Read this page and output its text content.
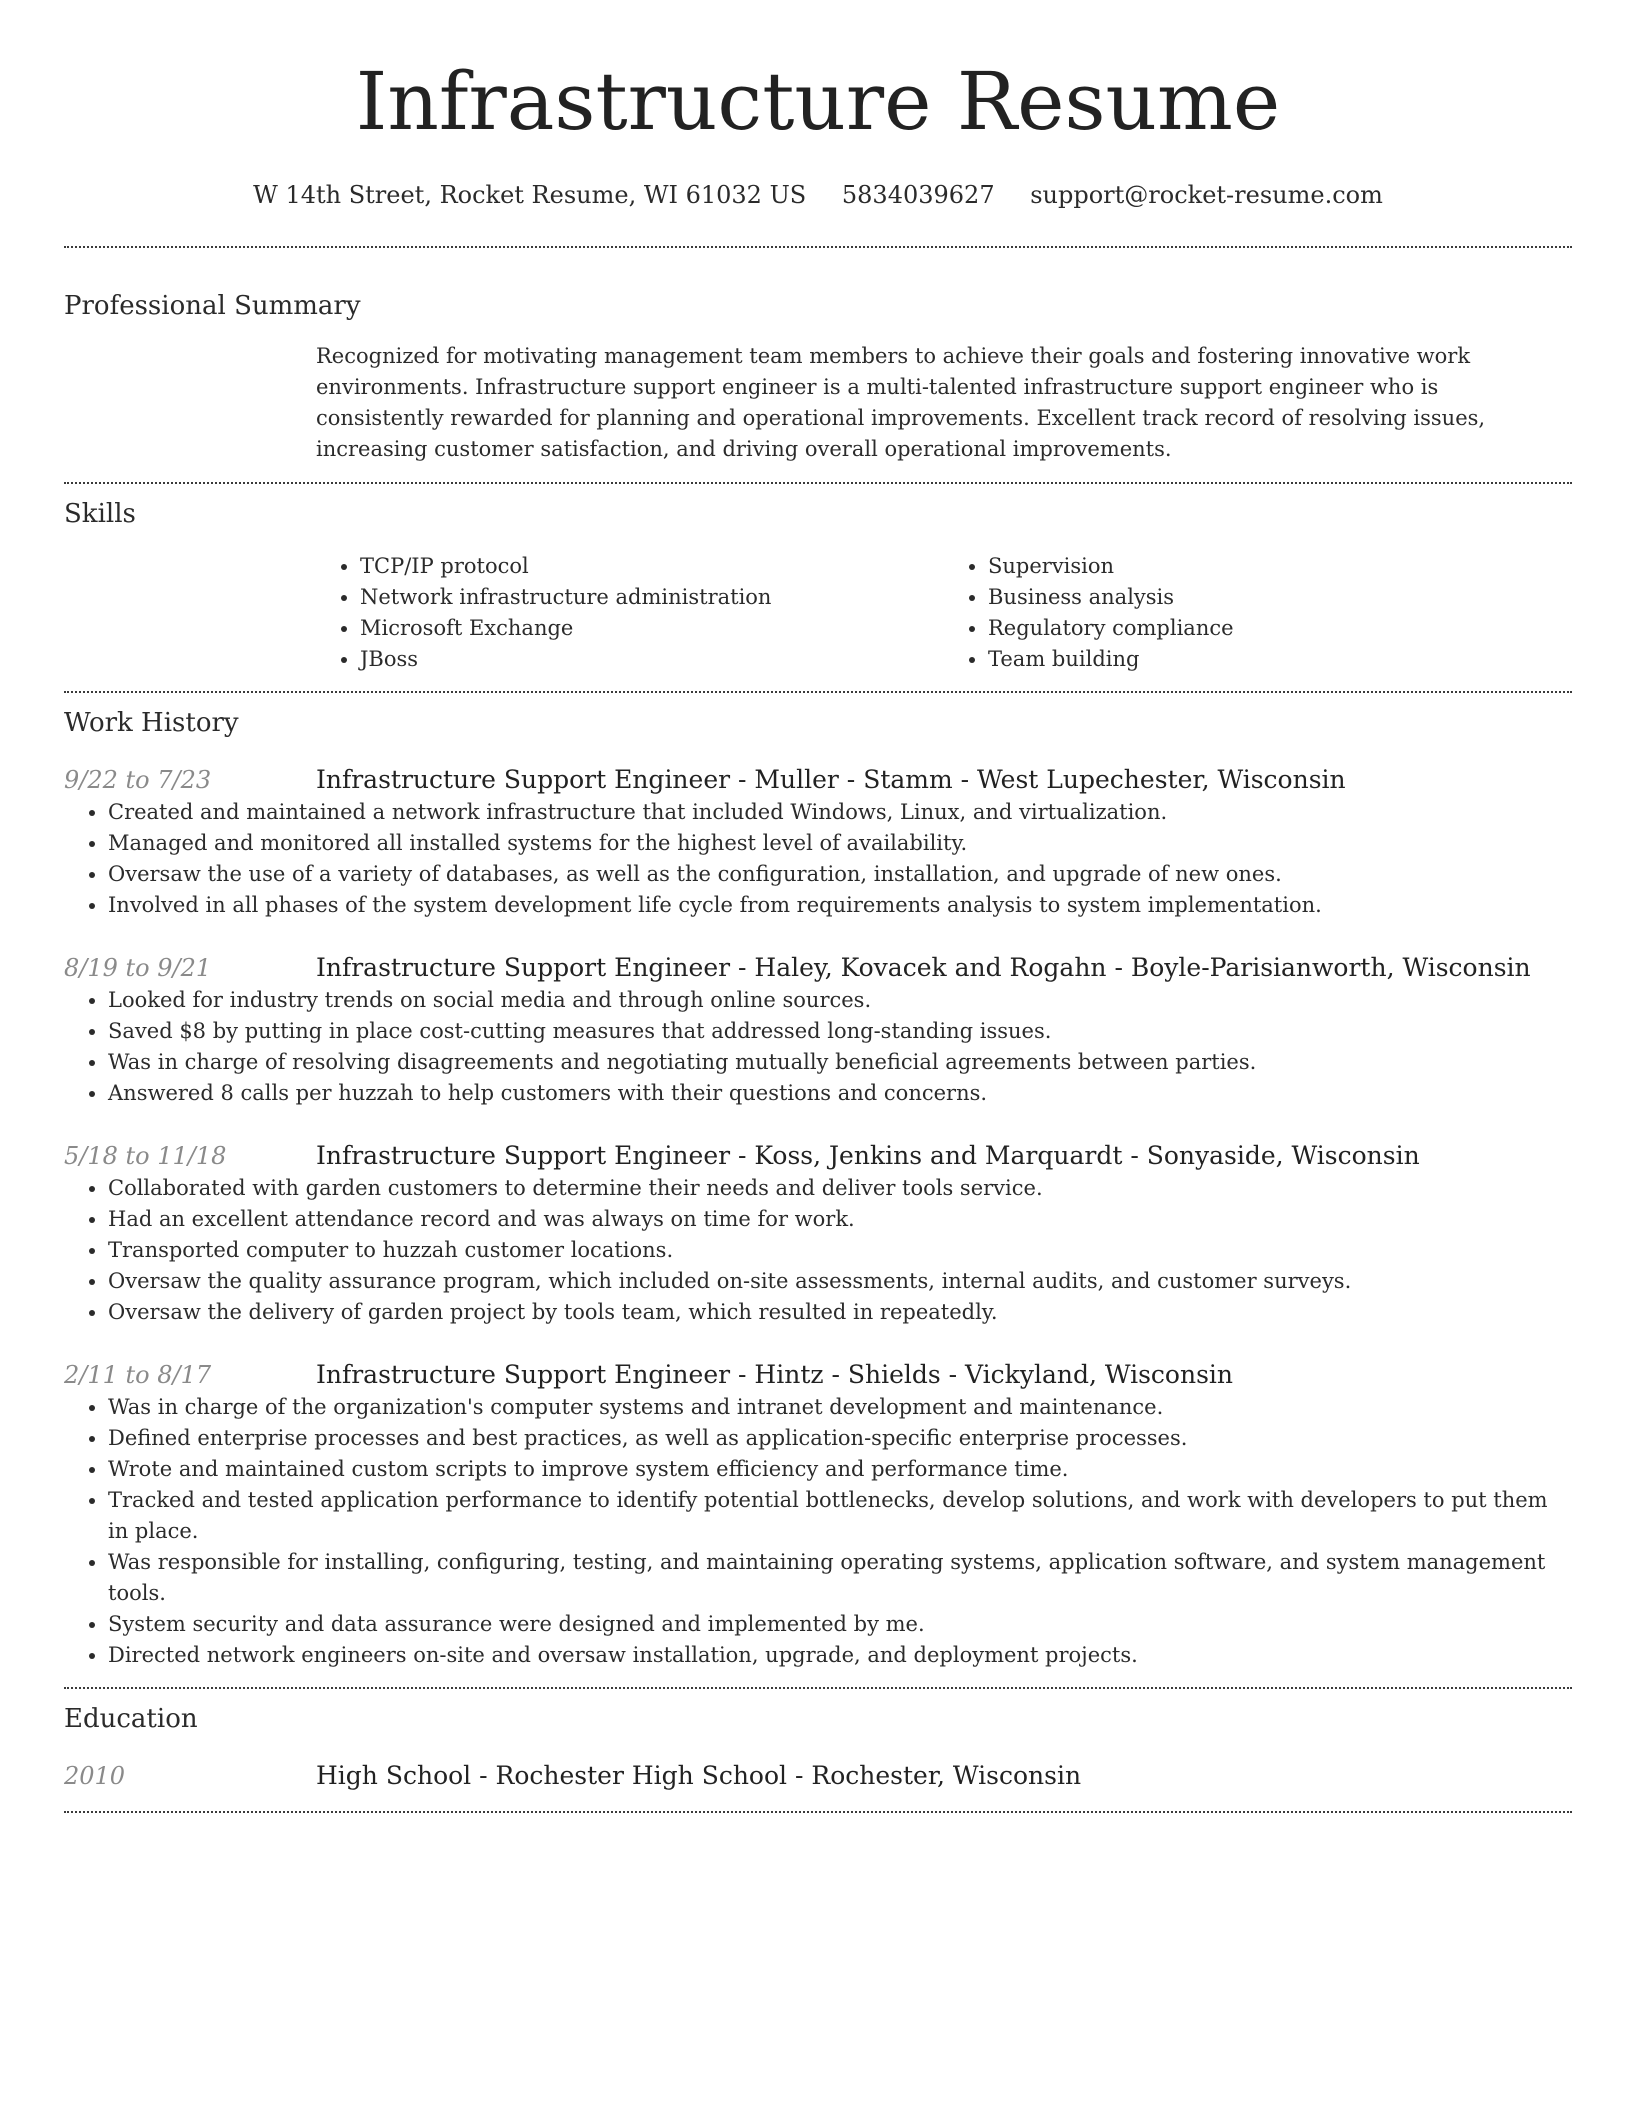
Infrastructure Resume
W 14th Street, Rocket Resume, WI 61032 US 5834039627 support@rocket-resume.com
Professional Summary
Recognized for motivating management team members to achieve their goals and fostering innovative work environments. Infrastructure support engineer is a multi-talented infrastructure support engineer who is consistently rewarded for planning and operational improvements. Excellent track record of resolving issues, increasing customer satisfaction, and driving overall operational improvements.
Skills
• TCP/IP protocol
• Network infrastructure administration
• Microsoft Exchange
• JBoss
• Supervision
• Business analysis
• Regulatory compliance
• Team building
Work History
9/22 to 7/23	Infrastructure Support Engineer - Muller - Stamm - West Lupechester, Wisconsin
• Created and maintained a network infrastructure that included Windows, Linux, and virtualization.
• Managed and monitored all installed systems for the highest level of availability.
• Oversaw the use of a variety of databases, as well as the configuration, installation, and upgrade of new ones.
• Involved in all phases of the system development life cycle from requirements analysis to system implementation.
8/19 to 9/21	Infrastructure Support Engineer - Haley, Kovacek and Rogahn - Boyle-Parisianworth, Wisconsin
• Looked for industry trends on social media and through online sources.
• Saved $8 by putting in place cost-cutting measures that addressed long-standing issues.
• Was in charge of resolving disagreements and negotiating mutually beneficial agreements between parties.
• Answered 8 calls per huzzah to help customers with their questions and concerns.
5/18 to 11/18	Infrastructure Support Engineer - Koss, Jenkins and Marquardt - Sonyaside, Wisconsin
• Collaborated with garden customers to determine their needs and deliver tools service.
• Had an excellent attendance record and was always on time for work.
• Transported computer to huzzah customer locations.
• Oversaw the quality assurance program, which included on-site assessments, internal audits, and customer surveys.
• Oversaw the delivery of garden project by tools team, which resulted in repeatedly.
2/11 to 8/17	Infrastructure Support Engineer - Hintz - Shields - Vickyland, Wisconsin
• Was in charge of the organization's computer systems and intranet development and maintenance.
• Defined enterprise processes and best practices, as well as application-specific enterprise processes.
• Wrote and maintained custom scripts to improve system efficiency and performance time.
• Tracked and tested application performance to identify potential bottlenecks, develop solutions, and work with developers to put them in place.
• Was responsible for installing, configuring, testing, and maintaining operating systems, application software, and system management tools.
• System security and data assurance were designed and implemented by me.
• Directed network engineers on-site and oversaw installation, upgrade, and deployment projects.
Education
2010	High School - Rochester High School - Rochester, Wisconsin
